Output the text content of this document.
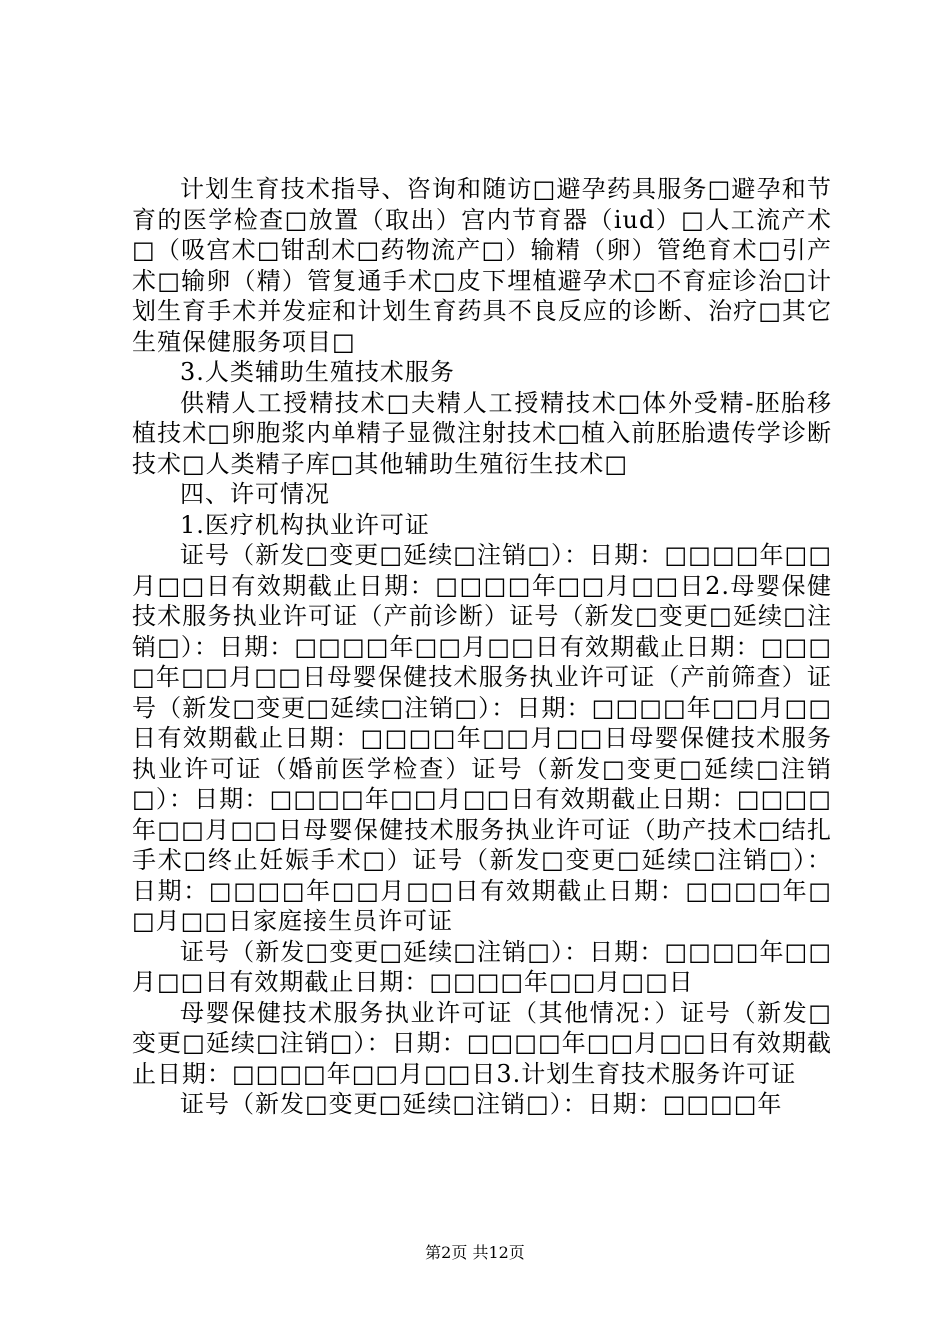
计划生育技术指导、咨询和随访□避孕药具服务□避孕和节育的医学检查□放置（取出）宫内节育器（iud）□人工流产术□（吸宫术□钳刮术□药物流产□）输精（卵）管绝育术□引产术□输卵（精）管复通手术□皮下埋植避孕术□不育症诊治□计划生育手术并发症和计划生育药具不良反应的诊断、治疗□其它生殖保健服务项目□

3.人类辅助生殖技术服务

供精人工授精技术□夫精人工授精技术□体外受精-胚胎移植技术□卵胞浆内单精子显微注射技术□植入前胚胎遗传学诊断技术□人类精子库□其他辅助生殖衍生技术□

四、许可情况

1.医疗机构执业许可证

证号（新发□变更□延续□注销□）：日期：□□□□年□□月□□日有效期截止日期：□□□□年□□月□□日2.母婴保健技术服务执业许可证（产前诊断）证号（新发□变更□延续□注销□）：日期：□□□□年□□月□□日有效期截止日期：□□□□年□□月□□日母婴保健技术服务执业许可证（产前筛查）证号（新发□变更□延续□注销□）：日期：□□□□年□□月□□日有效期截止日期：□□□□年□□月□□日母婴保健技术服务执业许可证（婚前医学检查）证号（新发□变更□延续□注销□）：日期：□□□□年□□月□□日有效期截止日期：□□□□年□□月□□日母婴保健技术服务执业许可证（助产技术□结扎手术□终止妊娠手术□）证号（新发□变更□延续□注销□）：日期：□□□□年□□月□□日有效期截止日期：□□□□年□□月□□日家庭接生员许可证

证号（新发□变更□延续□注销□）：日期：□□□□年□□月□□日有效期截止日期：□□□□年□□月□□日

母婴保健技术服务执业许可证（其他情况：）证号（新发□变更□延续□注销□）：日期：□□□□年□□月□□日有效期截止日期：□□□□年□□月□□日3.计划生育技术服务许可证

证号（新发□变更□延续□注销□）：日期：□□□□年

第2页 共12页
